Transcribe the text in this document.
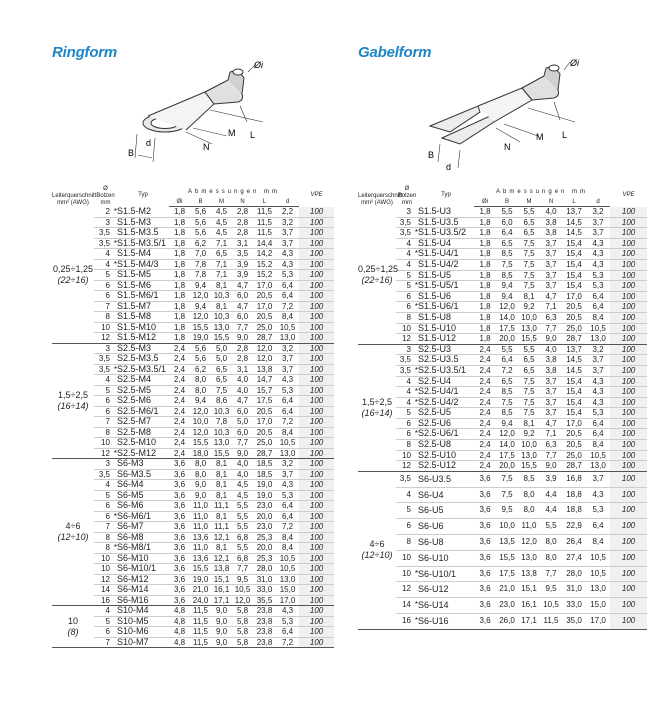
Ringform	Gabelform
B
d	N
M L
Øi
B
d
N
M L
Øi
Leiterquerschnitt mm² (AWG)	Ø Bolzen mm		Typ	Abmessungen mm						VPE
				Øi	B	M	N	L	d	
0,25÷1,25
(22÷16)	2	*	S1.5-M2	1,8	5,6	4,5	2,8	11,5	2,2	100
	3		S1.5-M3	1,8	5,6	4,5	2,8	11,5	3,2	100
	3,5		S1.5-M3.5	1,8	5,6	4,5	2,8	11,5	3,7	100
	3,5	*	S1.5-M3.5/1	1,8	6,2	7,1	3,1	14,4	3,7	100
	4		S1.5-M4	1,8	7,0	6,5	3,5	14,2	4,3	100
	4	*	S1.5-M4/3	1,8	7,8	7,1	3,9	15,2	4,3	100
	5		S1.5-M5	1,8	7,8	7,1	3,9	15,2	5,3	100
	6		S1.5-M6	1,8	9,4	8,1	4,7	17,0	6,4	100
	6		S1.5-M6/1	1,8	12,0	10,3	6,0	20,5	6,4	100
	7		S1.5-M7	1,8	9,4	8,1	4,7	17,0	7,2	100
	8		S1.5-M8	1,8	12,0	10,3	6,0	20,5	8,4	100
	10		S1.5-M10	1,8	15,5	13,0	7,7	25,0	10,5	100
	12		S1.5-M12	1,8	19,0	15,5	9,0	28,7	13,0	100
1,5÷2,5
(16÷14)	3		S2.5-M3	2,4	5,6	5,0	2,8	12,0	3,2	100
	3,5		S2.5-M3.5	2,4	5,6	5,0	2,8	12,0	3,7	100
	3,5	*	S2.5-M3.5/1	2,4	6,2	6,5	3,1	13,8	3,7	100
	4		S2.5-M4	2,4	8,0	6,5	4,0	14,7	4,3	100
	5		S2.5-M5	2,4	8,0	7,5	4,0	15,7	5,3	100
	6		S2.5-M6	2,4	9,4	8,6	4,7	17,5	6,4	100
	6		S2.5-M6/1	2,4	12,0	10,3	6,0	20,5	6,4	100
	7		S2.5-M7	2,4	10,0	7,8	5,0	17,0	7,2	100
	8		S2.5-M8	2,4	12,0	10,3	6,0	20,5	8,4	100
	10		S2.5-M10	2,4	15,5	13,0	7,7	25,0	10,5	100
	12	*	S2.5-M12	2,4	18,0	15,5	9,0	28,7	13,0	100
4÷6
(12÷10)	3		S6-M3	3,6	8,0	8,1	4,0	18,5	3,2	100
	3,5		S6-M3.5	3,6	8,0	8,1	4,0	18,5	3,7	100
	4		S6-M4	3,6	9,0	8,1	4,5	19,0	4,3	100
	5		S6-M5	3,6	9,0	8,1	4,5	19,0	5,3	100
	6		S6-M6	3,6	11,0	11,1	5,5	23,0	6,4	100
	6	*	S6-M6/1	3,6	11,0	8,1	5,5	20,0	6,4	100
	7		S6-M7	3,6	11,0	11,1	5,5	23,0	7,2	100
	8		S6-M8	3,6	13,6	12,1	6,8	25,3	8,4	100
	8	*	S6-M8/1	3,6	11,0	8,1	5,5	20,0	8,4	100
	10		S6-M10	3,6	13,6	12,1	6,8	25,3	10,5	100
	10		S6-M10/1	3,6	15,5	13,8	7,7	28,0	10,5	100
	12		S6-M12	3,6	19,0	15,1	9,5	31,0	13,0	100
	14		S6-M14	3,6	21,0	16,1	10,5	33,0	15,0	100
	16		S6-M16	3,6	24,0	17,1	12,0	35,5	17,0	100
10
(8)	4		S10-M4	4,8	11,5	9,0	5,8	23,8	4,3	100
	5		S10-M5	4,8	11,5	9,0	5,8	23,8	5,3	100
	6		S10-M6	4,8	11,5	9,0	5,8	23,8	6,4	100
	7		S10-M7	4,8	11,5	9,0	5,8	23,8	7,2	100
Leiterquerschnitt mm² (AWG)	Ø Bolzen mm		Typ	Abmessungen mm						VPE
				Øi	B	M	N	L	d	
0,25÷1,25
(22÷16)	3		S1.5-U3	1,8	5,5	5,5	4,0	13,7	3,2	100
	3,5		S1.5-U3.5	1,8	6,0	6,5	3,8	14,5	3,7	100
	3,5	*	S1.5-U3.5/2	1,8	6,4	6,5	3,8	14,5	3,7	100
	4		S1.5-U4	1,8	6,5	7,5	3,7	15,4	4,3	100
	4	*	S1.5-U4/1	1,8	8,5	7,5	3,7	15,4	4,3	100
	4		S1.5-U4/2	1,8	7,5	7,5	3,7	15,4	4,3	100
	5		S1.5-U5	1,8	8,5	7,5	3,7	15,4	5,3	100
	5	*	S1.5-U5/1	1,8	9,4	7,5	3,7	15,4	5,3	100
	6		S1.5-U6	1,8	9,4	8,1	4,7	17,0	6,4	100
	6	*	S1.5-U6/1	1,8	12,0	9,2	7,1	20,5	6,4	100
	8		S1.5-U8	1,8	14,0	10,0	6,3	20,5	8,4	100
	10		S1.5-U10	1,8	17,5	13,0	7,7	25,0	10,5	100
	12		S1.5-U12	1,8	20,0	15,5	9,0	28,7	13,0	100
1,5÷2,5
(16÷14)	3		S2.5-U3	2,4	5,5	5,5	4,0	13,7	3,2	100
	3,5		S2.5-U3.5	2,4	6,4	6,5	3,8	14,5	3,7	100
	3,5	*	S2.5-U3.5/1	2,4	7,2	6,5	3,8	14,5	3,7	100
	4		S2.5-U4	2,4	6,5	7,5	3,7	15,4	4,3	100
	4	*	S2.5-U4/1	2,4	8,5	7,5	3,7	15,4	4,3	100
	4	*	S2.5-U4/2	2,4	7,5	7,5	3,7	15,4	4,3	100
	5		S2.5-U5	2,4	8,5	7,5	3,7	15,4	5,3	100
	6		S2.5-U6	2,4	9,4	8,1	4,7	17,0	6,4	100
	6	*	S2.5-U6/1	2,4	12,0	9,2	7,1	20,5	6,4	100
	8		S2.5-U8	2,4	14,0	10,0	6,3	20,5	8,4	100
	10		S2.5-U10	2,4	17,5	13,0	7,7	25,0	10,5	100
	12		S2.5-U12	2,4	20,0	15,5	9,0	28,7	13,0	100
4÷6
(12÷10)	3,5		S6-U3.5	3,6	7,5	8,5	3,9	16,8	3,7	100
	4		S6-U4	3,6	7,5	8,0	4,4	18,8	4,3	100
	5		S6-U5	3,6	9,5	8,0	4,4	18,8	5,3	100
	6		S6-U6	3,6	10,0	11,0	5,5	22,9	6,4	100
	8		S6-U8	3,6	13,5	12,0	8,0	26,4	8,4	100
	10		S6-U10	3,6	15,5	13,0	8,0	27,4	10,5	100
	10	*	S6-U10/1	3,6	17,5	13,8	7,7	28,0	10,5	100
	12		S6-U12	3,6	21,0	15,1	9,5	31,0	13,0	100
	14	*	S6-U14	3,6	23,0	16,1	10,5	33,0	15,0	100
	16	*	S6-U16	3,6	26,0	17,1	11,5	35,0	17,0	100
